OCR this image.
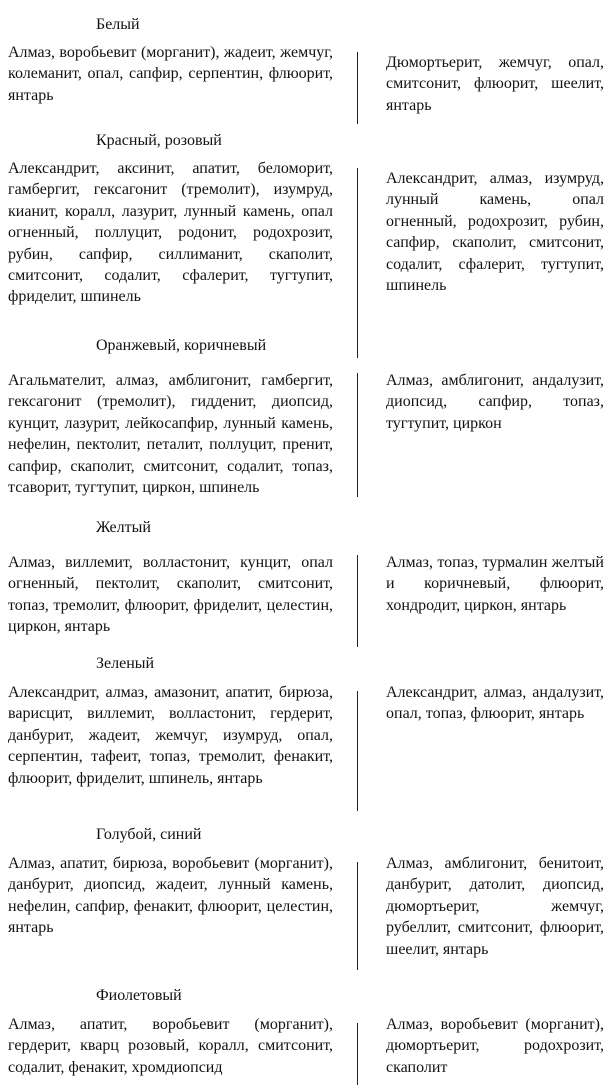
Белый
Алмаз, воробьевит (морганит), жадеит, жемчуг, колеманит, опал, сапфир, серпентин, флюорит, янтарь
Дюмортьерит, жемчуг, опал, смитсонит, флюорит, шеелит, янтарь
Красный, розовый
Александрит, аксинит, апатит, беломорит, гамбергит, гексагонит (тремолит), изумруд, кианит, коралл, лазурит, лунный камень, опал огненный, поллуцит, родонит, родохрозит, рубин, сапфир, силлиманит, скаполит, смитсонит, содалит, сфалерит, тугтупит, фриделит, шпинель
Александрит, алмаз, изумруд, лунный камень, опал огненный, родохрозит, рубин, сапфир, скаполит, смитсонит, содалит, сфалерит, тугтупит, шпинель
Оранжевый, коричневый
Агальмателит, алмаз, амблигонит, гамбергит, гексагонит (тремолит), гидденит, диопсид, кунцит, лазурит, лейкосапфир, лунный камень, нефелин, пектолит, петалит, поллуцит, пренит, сапфир, скаполит, смитсонит, содалит, топаз, тсаворит, тугтупит, циркон, шпинель
Алмаз, амблигонит, андалузит, диопсид, сапфир, топаз, тугтупит, циркон
Желтый
Алмаз, виллемит, волластонит, кунцит, опал огненный, пектолит, скаполит, смитсонит, топаз, тремолит, флюорит, фриделит, целестин, циркон, янтарь
Алмаз, топаз, турмалин желтый и коричневый, флюорит, хондродит, циркон, янтарь
Зеленый
Александрит, алмаз, амазонит, апатит, бирюза, варисцит, виллемит, волластонит, гердерит, данбурит, жадеит, жемчуг, изумруд, опал, серпентин, тафеит, топаз, тремолит, фенакит, флюорит, фриделит, шпинель, янтарь
Александрит, алмаз, андалузит, опал, топаз, флюорит, янтарь
Голубой, синий
Алмаз, апатит, бирюза, воробьевит (морганит), данбурит, диопсид, жадеит, лунный камень, нефелин, сапфир, фенакит, флюорит, целестин, янтарь
Алмаз, амблигонит, бенитоит, данбурит, датолит, диопсид, дюмортьерит, жемчуг, рубеллит, смитсонит, флюорит, шеелит, янтарь
Фиолетовый
Алмаз, апатит, воробьевит (морганит), гердерит, кварц розовый, коралл, смитсонит, содалит, фенакит, хромдиопсид
Алмаз, воробьевит (морганит), дюмортьерит, родохрозит, скаполит
